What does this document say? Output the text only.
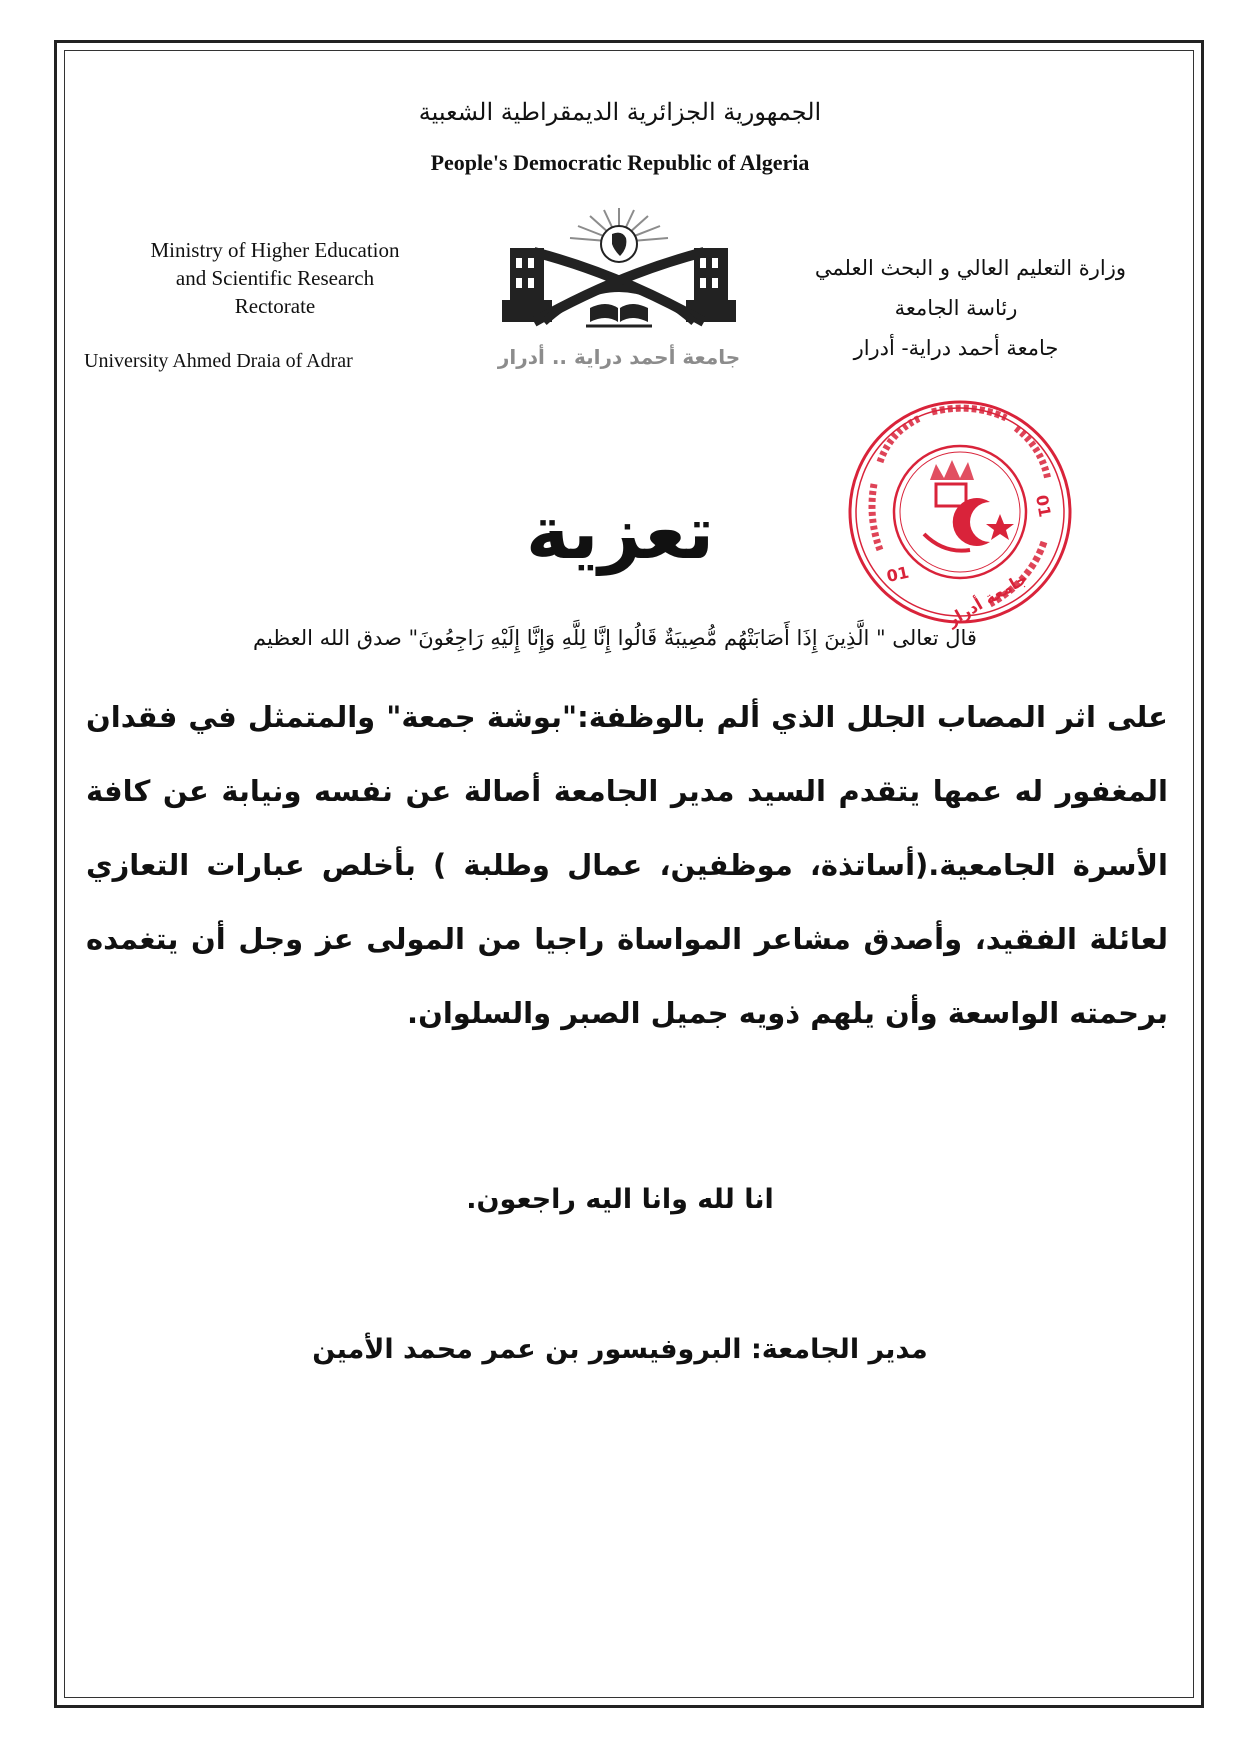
الجمهورية الجزائرية الديمقراطية الشعبية
People's Democratic Republic of Algeria
Ministry of Higher Education
and Scientific Research
Rectorate
University Ahmed Draia of Adrar
وزارة التعليم العالي و البحث العلمي
رئاسة الجامعة
جامعة أحمد دراية- أدرار
جامعة أحمد دراية .. أدرار
01
01
جامعة أدرار
تعزية
قال تعالى " الَّذِينَ إِذَا أَصَابَتْهُم مُّصِيبَةٌ قَالُوا إِنَّا لِلَّهِ وَإِنَّا إِلَيْهِ رَاجِعُونَ" صدق الله العظيم
على اثر المصاب الجلل الذي ألم بالوظفة:"بوشة جمعة" والمتمثل في فقدان المغفور له عمها يتقدم السيد مدير الجامعة أصالة عن نفسه ونيابة عن كافة الأسرة الجامعية.(أساتذة، موظفين، عمال وطلبة ) بأخلص عبارات التعازي لعائلة الفقيد، وأصدق مشاعر المواساة راجيا من المولى عز وجل أن يتغمده برحمته الواسعة وأن يلهم ذويه جميل الصبر والسلوان.
انا لله وانا اليه راجعون.
مدير الجامعة: البروفيسور بن عمر محمد الأمين
